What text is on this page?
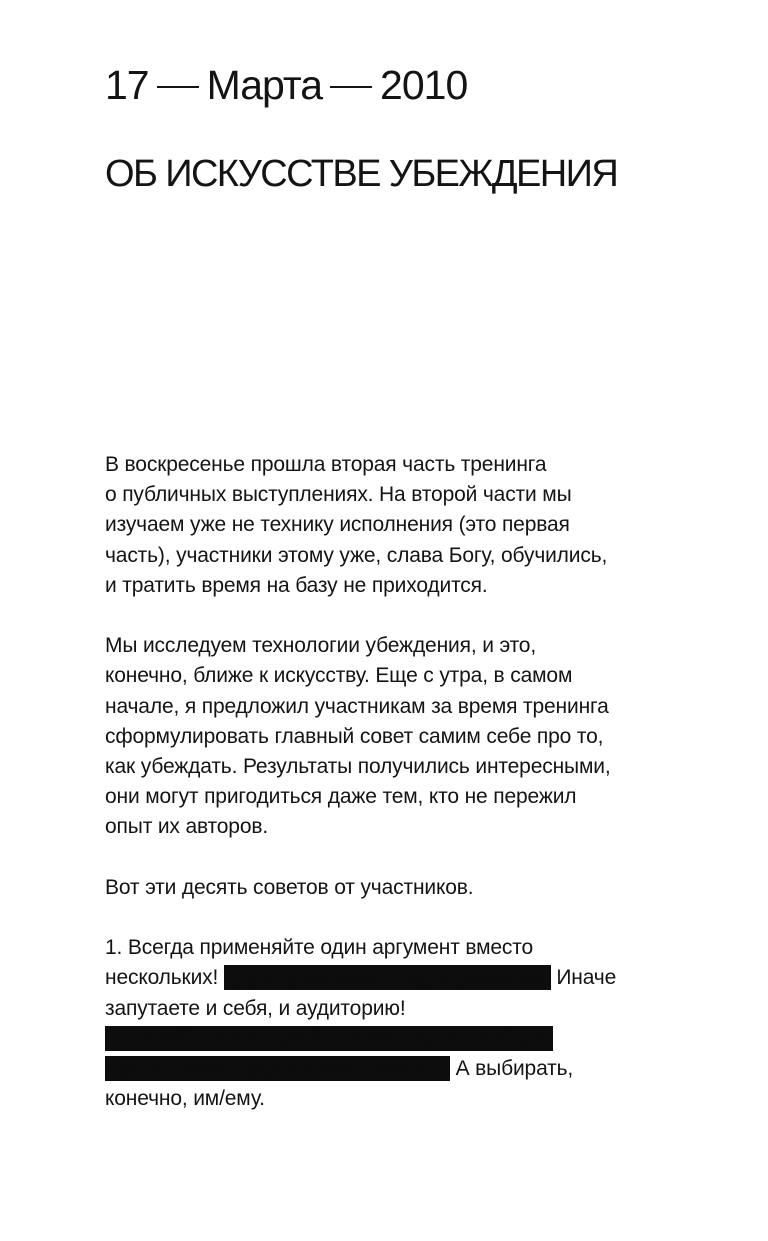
17 Марта 2010
ОБ ИСКУССТВЕ УБЕЖДЕНИЯ
В воскресенье прошла вторая часть тренинга
о публичных выступлениях. На второй части мы
изучаем уже не технику исполнения (это первая
часть), участники этому уже, слава Богу, обучились,
и тратить время на базу не приходится.
Мы исследуем технологии убеждения, и это,
конечно, ближе к искусству. Еще с утра, в самом
начале, я предложил участникам за время тренинга
сформулировать главный совет самим себе про то,
как убеждать. Результаты получились интересными,
они могут пригодиться даже тем, кто не пережил
опыт их авторов.
Вот эти десять советов от участников.
1. Всегда применяйте один аргумент вместо
нескольких! Одна проблема — одно решение. Иначе
запутаете и себя, и аудиторию!
2. Давайте аудитории/человеку право выбора.
Просто ваше предложение лучшее. А выбирать,
конечно, им/ему.
